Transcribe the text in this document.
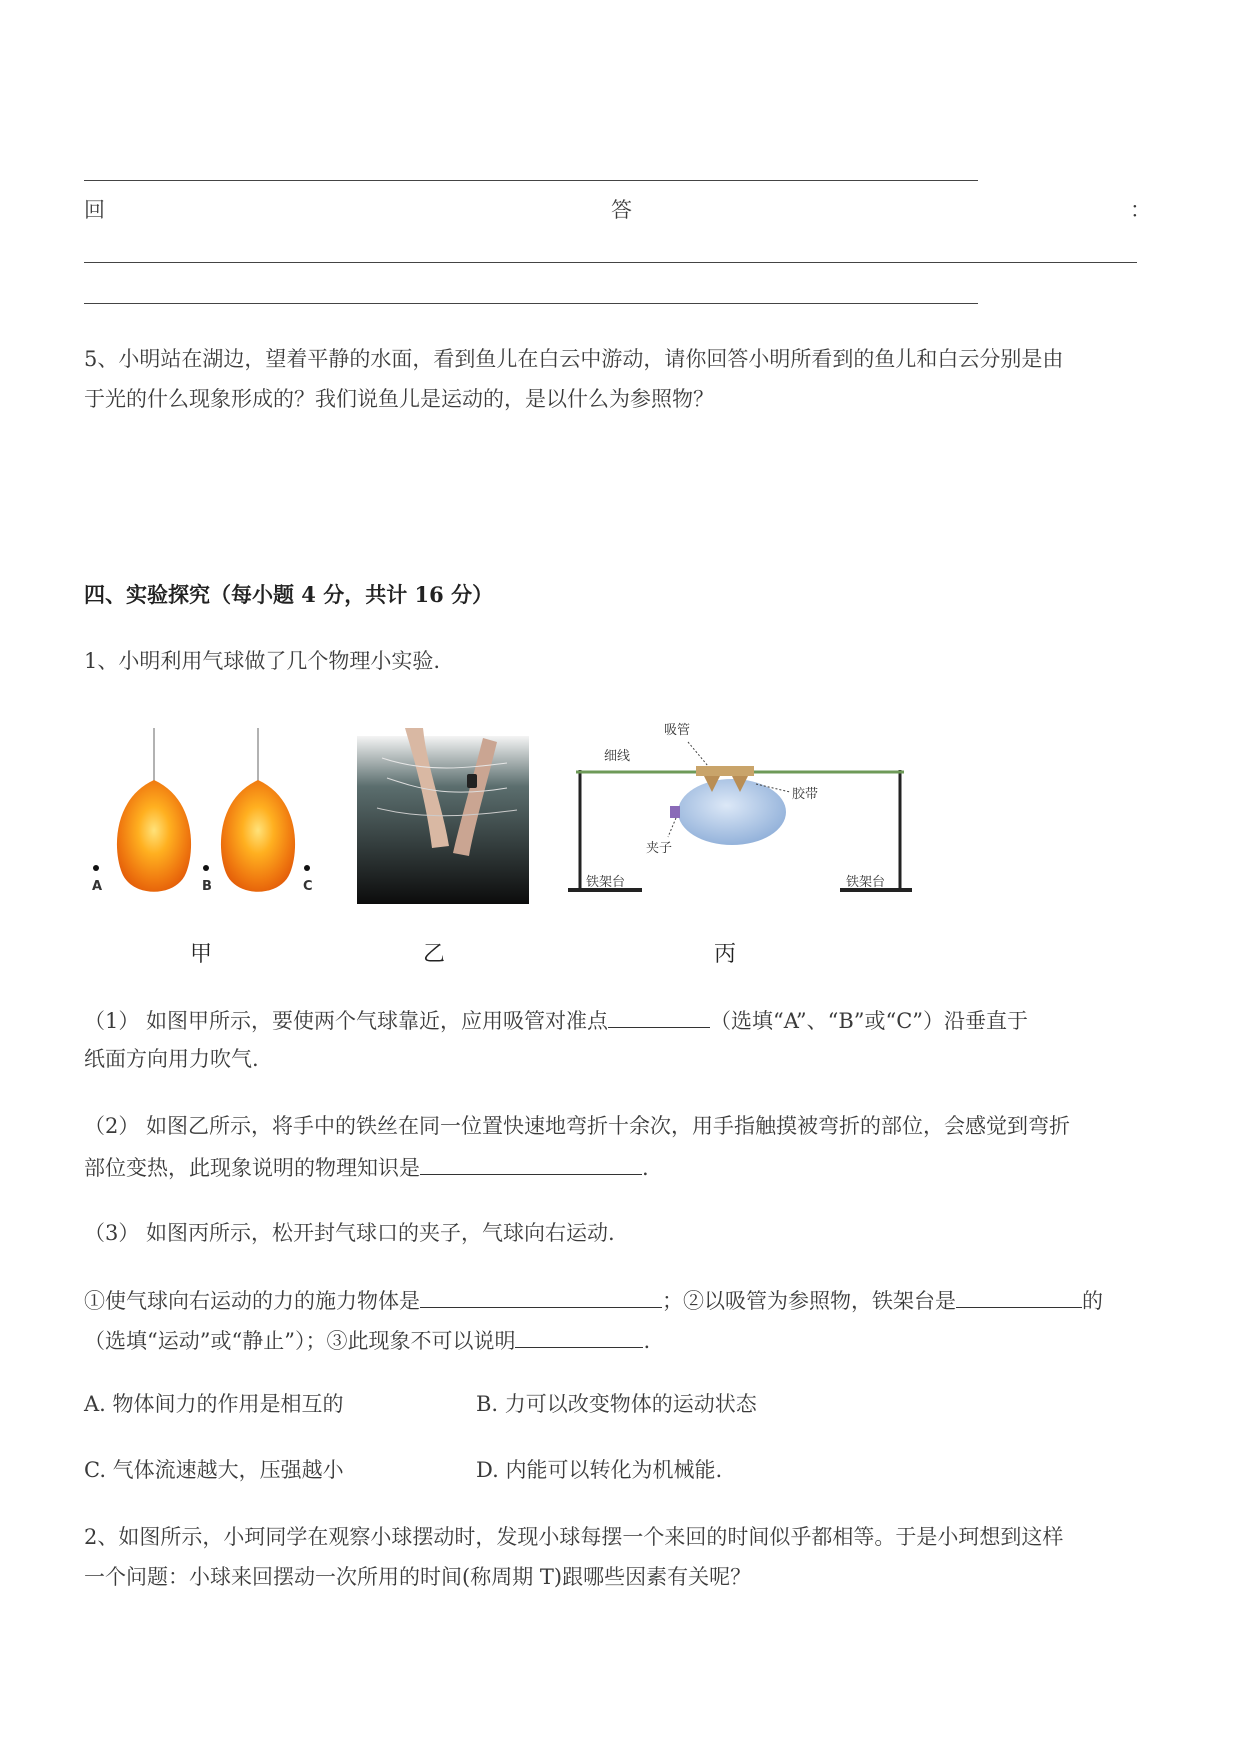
回	答	：
5、小明站在湖边，望着平静的水面，看到鱼儿在白云中游动，请你回答小明所看到的鱼儿和白云分别是由
于光的什么现象形成的？我们说鱼儿是运动的，是以什么为参照物？
四、实验探究（每小题 4 分，共计 16 分）
1、小明利用气球做了几个物理小实验.
A	B	C
吸管
细线
胶带
夹子
铁架台	铁架台
甲	乙	丙
（1） 如图甲所示，要使两个气球靠近，应用吸管对准点	（选填“A”、“B”或“C”）沿垂直于
纸面方向用力吹气.
（2） 如图乙所示，将手中的铁丝在同一位置快速地弯折十余次，用手指触摸被弯折的部位，会感觉到弯折
部位变热，此现象说明的物理知识是	.
（3） 如图丙所示，松开封气球口的夹子，气球向右运动.
①使气球向右运动的力的施力物体是	；②以吸管为参照物，铁架台是	的
（选填“运动”或“静止”）；③此现象不可以说明	.
A. 物体间力的作用是相互的	B. 力可以改变物体的运动状态
C. 气体流速越大，压强越小	D. 内能可以转化为机械能.
2、如图所示，小珂同学在观察小球摆动时，发现小球每摆一个来回的时间似乎都相等。于是小珂想到这样
一个问题：小球来回摆动一次所用的时间(称周期 T)跟哪些因素有关呢？
